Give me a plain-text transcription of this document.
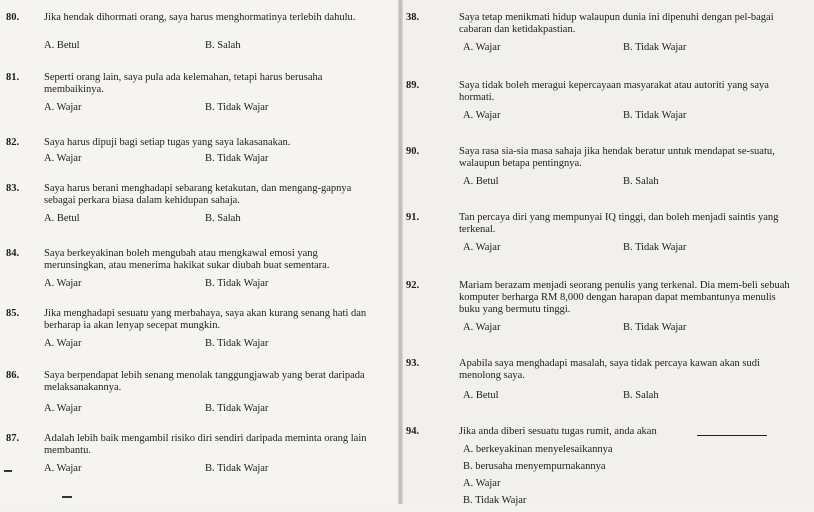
80. Jika hendak dihormati orang, saya harus menghormatinya terlebih dahulu.
A. Betul	B. Salah
81. Seperti orang lain, saya pula ada kelemahan, tetapi harus berusaha membaikinya.
A. Wajar	B. Tidak Wajar
82. Saya harus dipuji bagi setiap tugas yang saya lakasanakan.
A. Wajar	B. Tidak Wajar
83. Saya harus berani menghadapi sebarang ketakutan, dan mengang-gapnya sebagai perkara biasa dalam kehidupan sahaja.
A. Betul	B. Salah
84. Saya berkeyakinan boleh mengubah atau mengkawal emosi yang merunsingkan, atau menerima hakikat sukar diubah buat sementara.
A. Wajar	B. Tidak Wajar
85. Jika menghadapi sesuatu yang merbahaya, saya akan kurang senang hati dan berharap ia akan lenyap secepat mungkin.
A. Wajar	B. Tidak Wajar
86. Saya berpendapat lebih senang menolak tanggungjawab yang berat daripada melaksanakannya.
A. Wajar	B. Tidak Wajar
87. Adalah lebih baik mengambil risiko diri sendiri daripada meminta orang lain membantu.
A. Wajar	B. Tidak Wajar
38.	Saya tetap menikmati hidup walaupun dunia ini dipenuhi dengan pel-bagai cabaran dan ketidakpastian.
A. Wajar	B. Tidak Wajar
89.	Saya tidak boleh meragui kepercayaan masyarakat atau autoriti yang saya hormati.
A. Wajar	B. Tidak Wajar
90.	Saya rasa sia-sia masa sahaja jika hendak beratur untuk mendapat se-suatu, walaupun betapa pentingnya.
A. Betul	B. Salah
91.	Tan percaya diri yang mempunyai IQ tinggi, dan boleh menjadi saintis yang terkenal.
A. Wajar	B. Tidak Wajar
92.	Mariam berazam menjadi seorang penulis yang terkenal. Dia mem-beli sebuah komputer berharga RM 8,000 dengan harapan dapat membantunya menulis buku yang bermutu tinggi.
A. Wajar	B. Tidak Wajar
93.	Apabila saya menghadapi masalah, saya tidak percaya kawan akan sudi menolong saya.
A. Betul	B. Salah
94.	Jika anda diberi sesuatu tugas rumit, anda akan
A. berkeyakinan menyelesaikannya
B. berusaha menyempurnakannya
A. Wajar
B. Tidak Wajar
